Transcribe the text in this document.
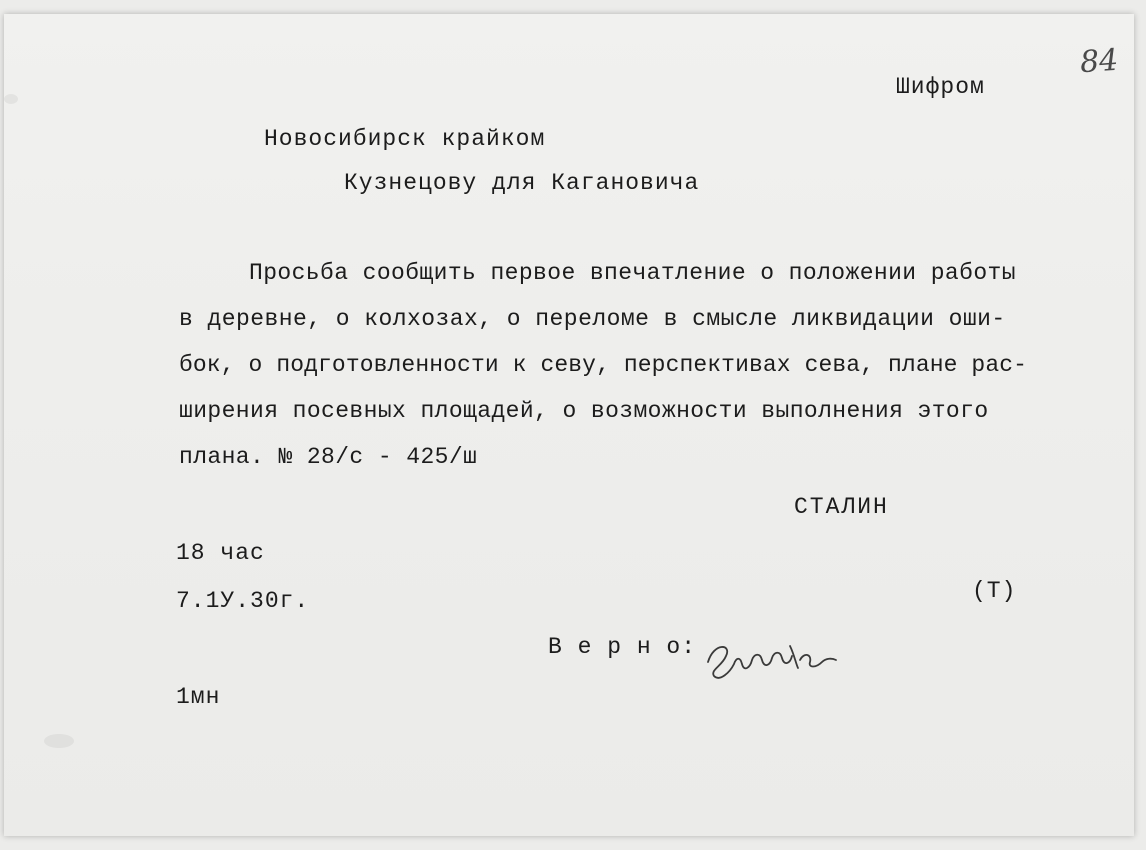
84
Шифром
Новосибирск крайком
Кузнецову для Кагановича
Просьба сообщить первое впечатление о положении работы
в деревне, о колхозах, о переломе в смысле ликвидации оши-
бок, о подготовленности к севу, перспективах сева, плане рас-
ширения посевных площадей, о возможности выполнения этого
плана. № 28/с - 425/ш
СТАЛИН
18 час
7.1У.30г.	(Т)
В е р н о:
1мн
